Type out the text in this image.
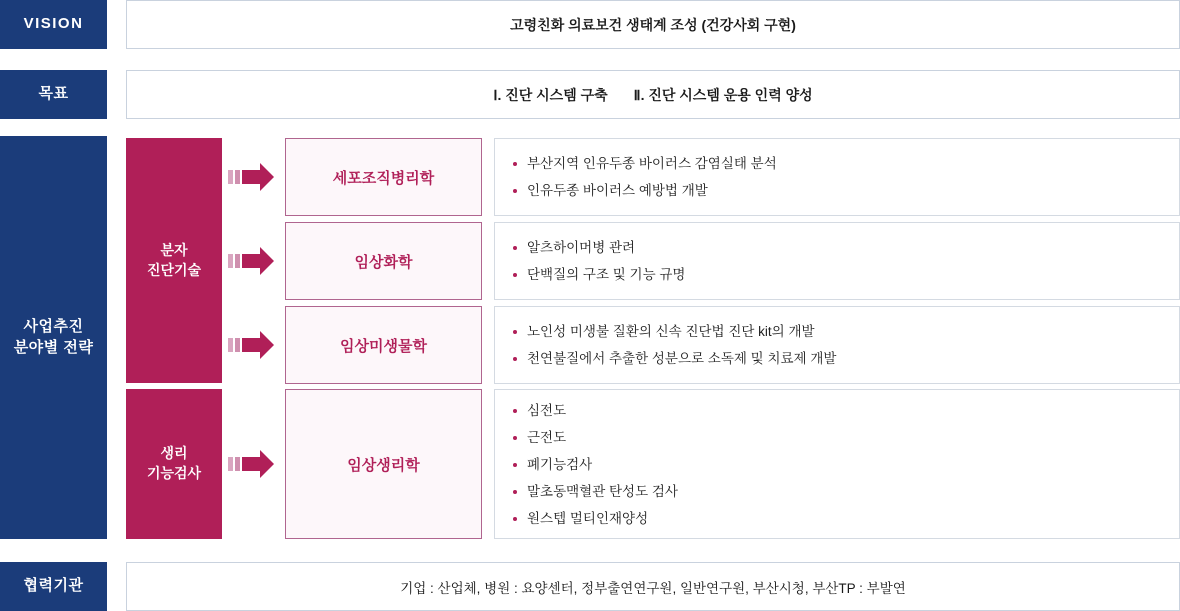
VISION	고령친화 의료보건 생태계 조성 (건강사회 구현)
목표	Ⅰ. 진단 시스템 구축 Ⅱ. 진단 시스템 운용 인력 양성
사업추진
분야별 전략
분자
진단기술
생리
기능검사
세포조직병리학
부산지역 인유두종 바이러스 감염실태 분석
인유두종 바이러스 예방법 개발
임상화학
알츠하이머병 관려
단백질의 구조 및 기능 규명
임상미생물학
노인성 미생불 질환의 신속 진단법 진단 kit의 개발
천연불질에서 추출한 성분으로 소독제 및 치료제 개발
임상생리학
심전도
근전도
폐기능검사
말초동맥혈관 탄성도 검사
원스텝 멀티인재양성
협력기관	기업 : 산업체, 병원 : 요양센터, 정부출연연구원, 일반연구원, 부산시청, 부산TP : 부발연
